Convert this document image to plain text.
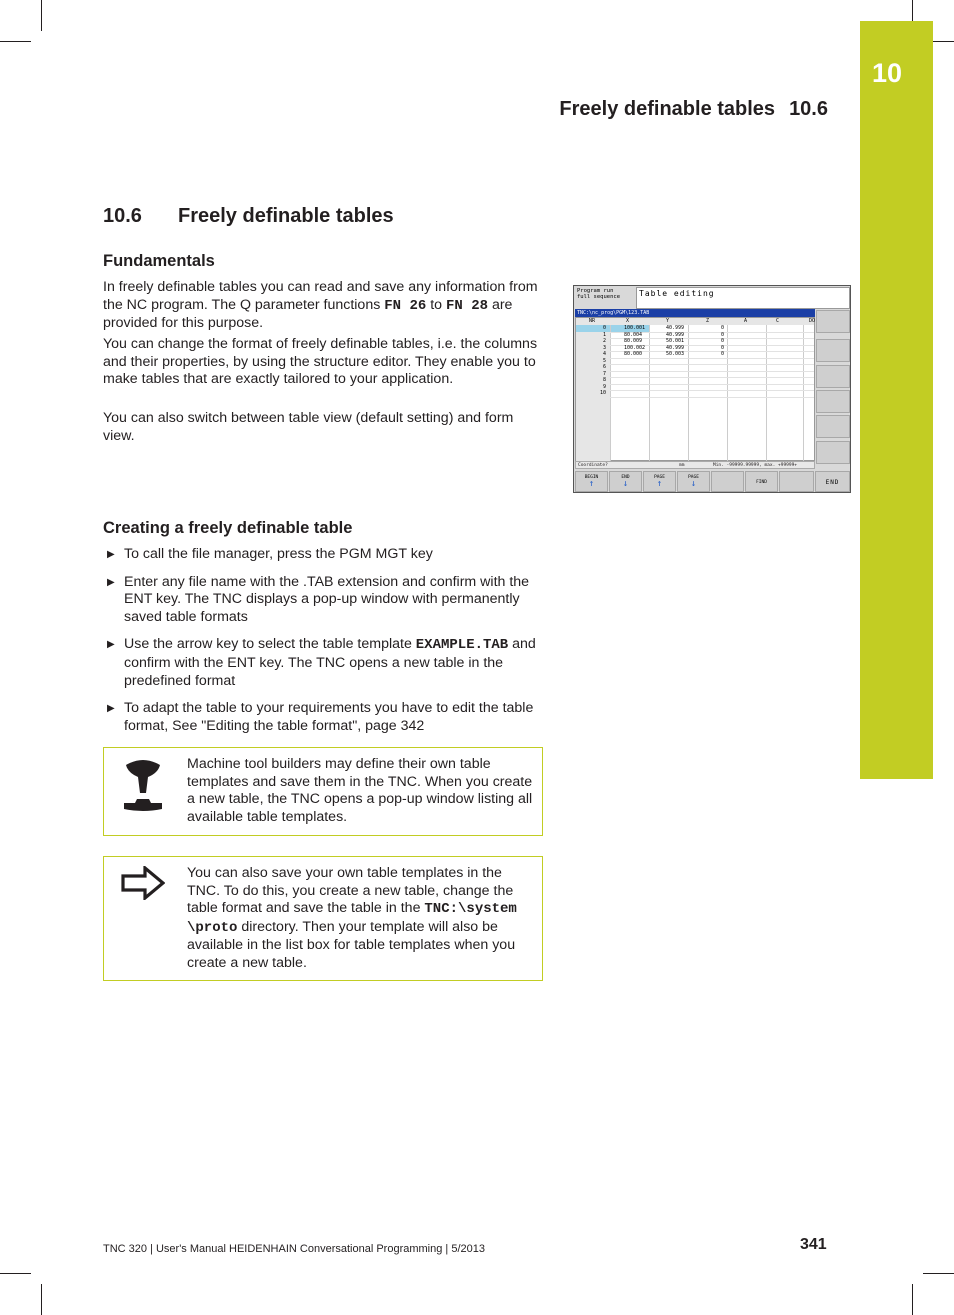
10
Freely definable tables 10.6
10.6 Freely definable tables
Fundamentals
In freely definable tables you can read and save any information from the NC program. The Q parameter functions FN 26 to FN 28 are provided for this purpose.
You can change the format of freely definable tables, i.e. the columns and their properties, by using the structure editor. They enable you to make tables that are exactly tailored to your application.
You can also switch between table view (default setting) and form view.
Program run
full sequence	Table editing
TNC:\nc_prog\PGM\123.TAB
NR	X	Y	Z	A	C	DO
0	100.001	40.999	0
1	80.004	40.999	0
2	80.009	50.001	0
3	100.002	40.999	0
4	80.000	50.003	0
5
6
7
8
9
10
Coordinate?	mm	Min. -99999.99999, max. +99999+
BEGIN
↑
END
↓
PAGE
↑
PAGE
↓	FIND	END
Creating a freely definable table
▶ To call the file manager, press the PGM MGT key
▶ Enter any file name with the .TAB extension and confirm with the ENT key. The TNC displays a pop-up window with permanently saved table formats
▶ Use the arrow key to select the table template EXAMPLE.TAB and confirm with the ENT key. The TNC opens a new table in the predefined format
▶ To adapt the table to your requirements you have to edit the table format, See "Editing the table format", page 342
Machine tool builders may define their own table templates and save them in the TNC. When you create a new table, the TNC opens a pop-up window listing all available table templates.
You can also save your own table templates in the TNC. To do this, you create a new table, change the table format and save the table in the TNC:\system
\proto directory. Then your template will also be available in the list box for table templates when you create a new table.
TNC 320 | User's Manual HEIDENHAIN Conversational Programming | 5/2013	341
